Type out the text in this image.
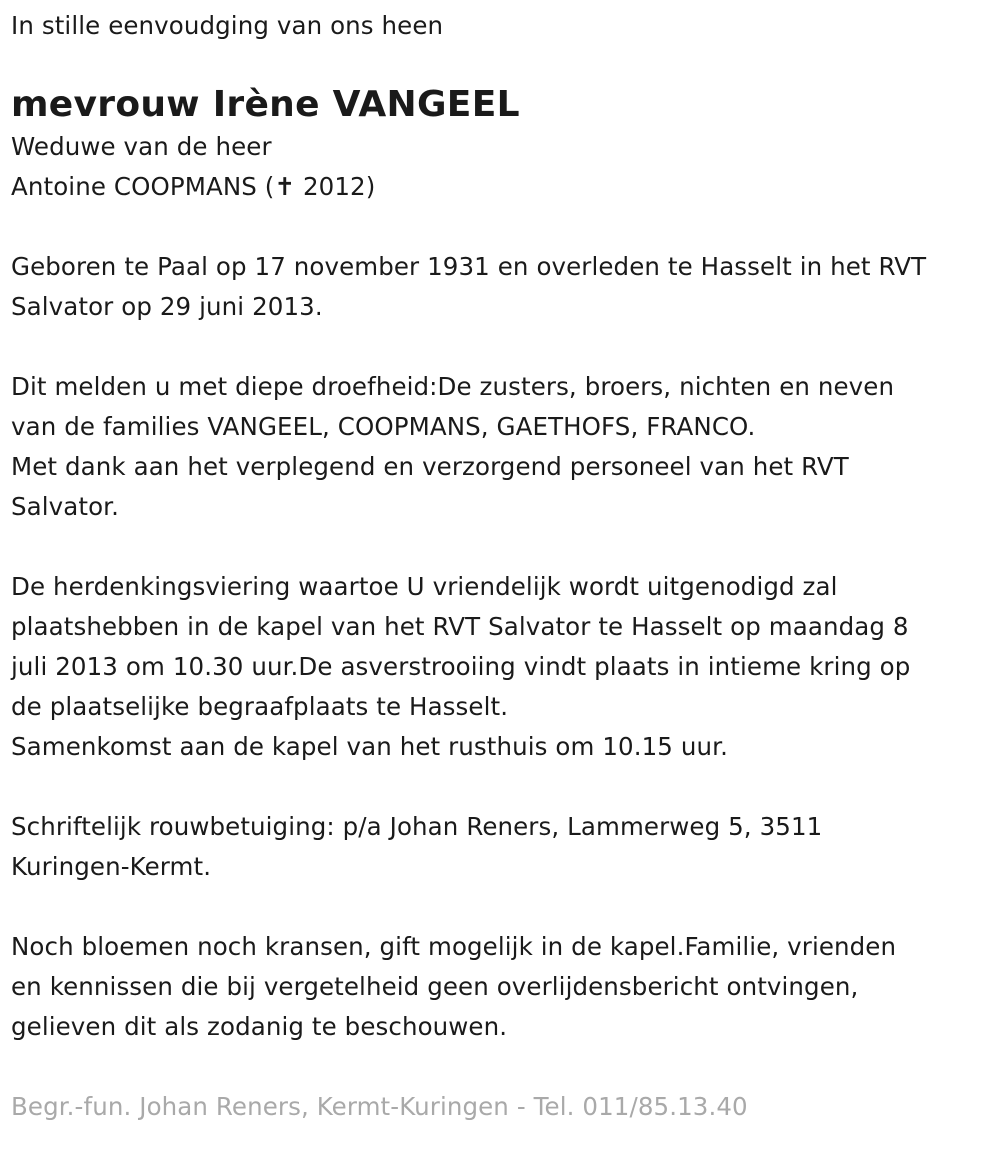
In stille eenvoudging van ons heen

mevrouw Irène VANGEEL

Weduwe van de heer

Antoine COOPMANS (✝ 2012)

Geboren te Paal op 17 november 1931 en overleden te Hasselt in het RVT

Salvator op 29 juni 2013.

Dit melden u met diepe droefheid:De zusters, broers, nichten en neven

van de families VANGEEL, COOPMANS, GAETHOFS, FRANCO.

Met dank aan het verplegend en verzorgend personeel van het RVT

Salvator.

De herdenkingsviering waartoe U vriendelijk wordt uitgenodigd zal

plaatshebben in de kapel van het RVT Salvator te Hasselt op maandag 8

juli 2013 om 10.30 uur.De asverstrooiing vindt plaats in intieme kring op

de plaatselijke begraafplaats te Hasselt.

Samenkomst aan de kapel van het rusthuis om 10.15 uur.

Schriftelijk rouwbetuiging: p/a Johan Reners, Lammerweg 5, 3511

Kuringen-Kermt.

Noch bloemen noch kransen, gift mogelijk in de kapel.Familie, vrienden

en kennissen die bij vergetelheid geen overlijdensbericht ontvingen,

gelieven dit als zodanig te beschouwen.

Begr.-fun. Johan Reners, Kermt-Kuringen - Tel. 011/85.13.40
